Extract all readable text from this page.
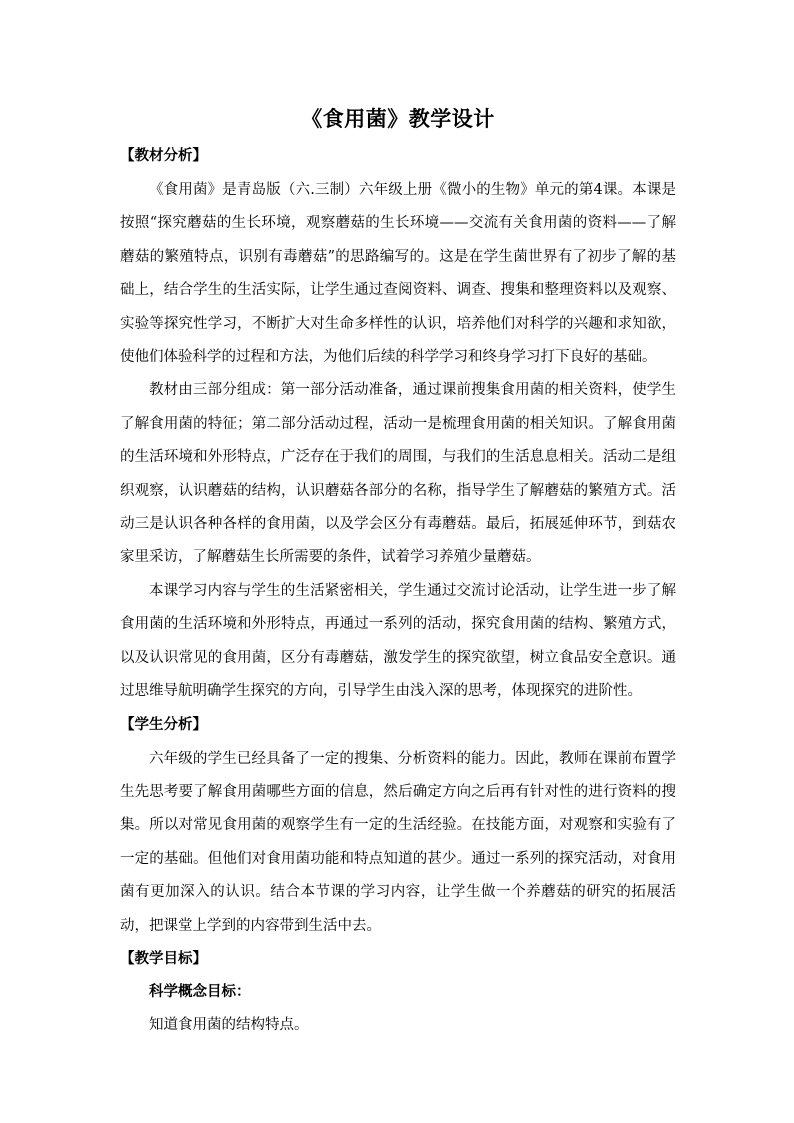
《食用菌》教学设计
【教材分析】

《食用菌》是青岛版（六.三制）六年级上册《微小的生物》单元的第4课。本课是按照“探究蘑菇的生长环境，观察蘑菇的生长环境——交流有关食用菌的资料——了解蘑菇的繁殖特点，识别有毒蘑菇”的思路编写的。这是在学生菌世界有了初步了解的基础上，结合学生的生活实际，让学生通过查阅资料、调查、搜集和整理资料以及观察、实验等探究性学习，不断扩大对生命多样性的认识，培养他们对科学的兴趣和求知欲，使他们体验科学的过程和方法，为他们后续的科学学习和终身学习打下良好的基础。

教材由三部分组成：第一部分活动准备，通过课前搜集食用菌的相关资料，使学生了解食用菌的特征；第二部分活动过程，活动一是梳理食用菌的相关知识。了解食用菌的生活环境和外形特点，广泛存在于我们的周围，与我们的生活息息相关。活动二是组织观察，认识蘑菇的结构，认识蘑菇各部分的名称，指导学生了解蘑菇的繁殖方式。活动三是认识各种各样的食用菌，以及学会区分有毒蘑菇。最后，拓展延伸环节，到菇农家里采访，了解蘑菇生长所需要的条件，试着学习养殖少量蘑菇。

本课学习内容与学生的生活紧密相关，学生通过交流讨论活动，让学生进一步了解食用菌的生活环境和外形特点，再通过一系列的活动，探究食用菌的结构、繁殖方式，以及认识常见的食用菌，区分有毒蘑菇，激发学生的探究欲望，树立食品安全意识。通过思维导航明确学生探究的方向，引导学生由浅入深的思考，体现探究的进阶性。

【学生分析】

六年级的学生已经具备了一定的搜集、分析资料的能力。因此，教师在课前布置学生先思考要了解食用菌哪些方面的信息，然后确定方向之后再有针对性的进行资料的搜集。所以对常见食用菌的观察学生有一定的生活经验。在技能方面，对观察和实验有了一定的基础。但他们对食用菌功能和特点知道的甚少。通过一系列的探究活动，对食用菌有更加深入的认识。结合本节课的学习内容，让学生做一个养蘑菇的研究的拓展活动，把课堂上学到的内容带到生活中去。

【教学目标】
科学概念目标：

知道食用菌的结构特点。
